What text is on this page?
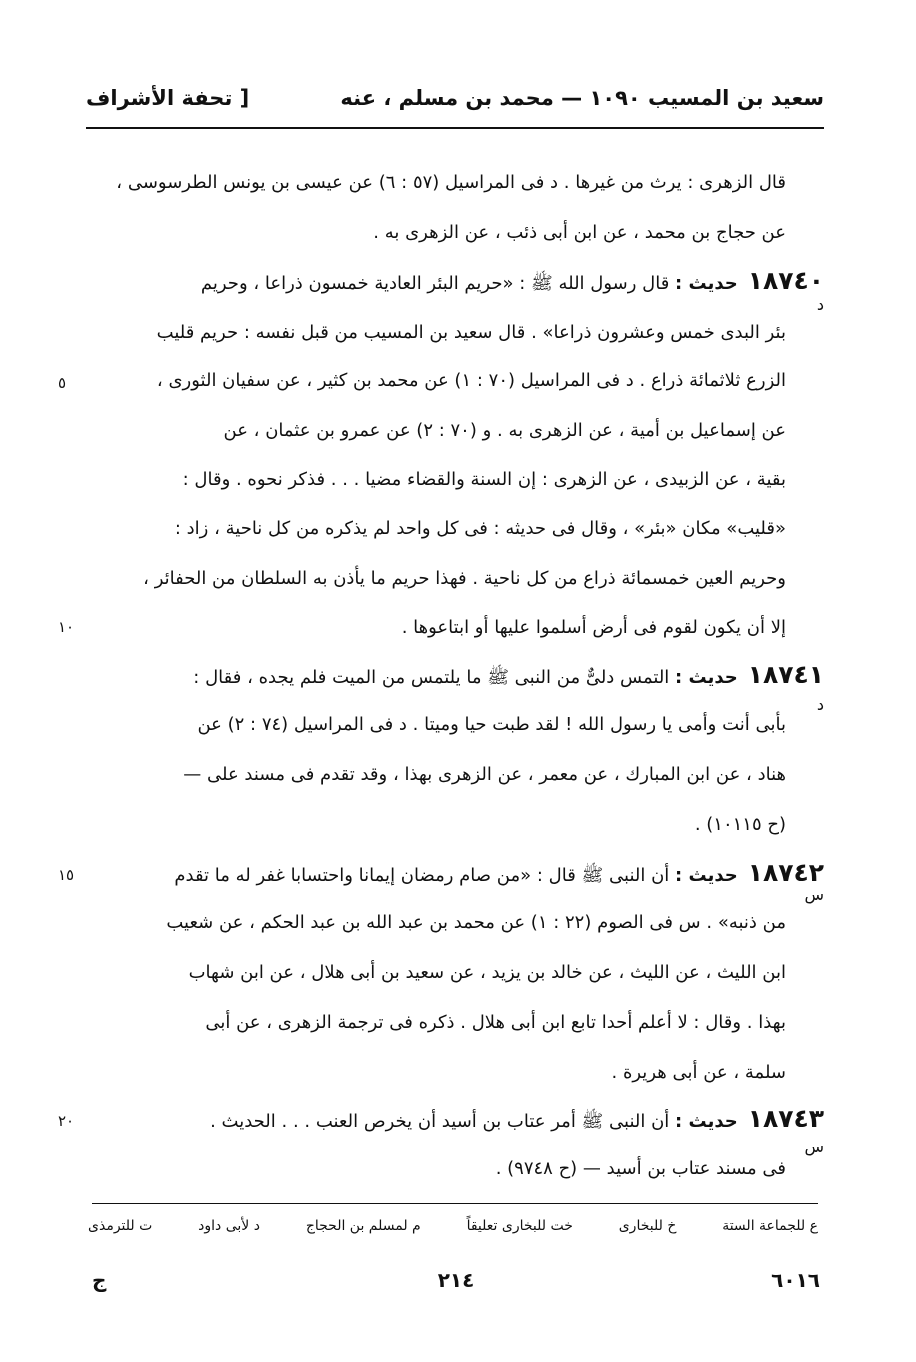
سعيد بن المسيب ١٠٩٠ — محمد بن مسلم ، عنه
[ تحفة الأشراف
قال الزهرى : يرث من غيرها . د فى المراسيل (٥٧ : ٦) عن عيسى بن يونس الطرسوسى ،
عن حجاج بن محمد ، عن ابن أبى ذئب ، عن الزهرى به .
١٨٧٤٠حديث : قال رسول الله ﷺ : «حريم البئر العادية خمسون ذراعا ، وحريم
بئر البدى خمس وعشرون ذراعا» . قال سعيد بن المسيب من قبل نفسه : حريم قليب
الزرع ثلاثمائة ذراع . د فى المراسيل (٧٠ : ١) عن محمد بن كثير ، عن سفيان الثورى ،
عن إسماعيل بن أمية ، عن الزهرى به . و (٧٠ : ٢) عن عمرو بن عثمان ، عن
بقية ، عن الزبيدى ، عن الزهرى : إن السنة والقضاء مضيا . . . فذكر نحوه . وقال :
«قليب» مكان «بئر» ، وقال فى حديثه : فى كل واحد لم يذكره من كل ناحية ، زاد :
وحريم العين خمسمائة ذراع من كل ناحية . فهذا حريم ما يأذن به السلطان من الحفائر ،
إلا أن يكون لقوم فى أرض أسلموا عليها أو ابتاعوها .
١٨٧٤١حديث : التمس دلىٌّ من النبى ﷺ ما يلتمس من الميت فلم يجده ، فقال :
بأبى أنت وأمى يا رسول الله ! لقد طبت حيا وميتا . د فى المراسيل (٧٤ : ٢) عن
هناد ، عن ابن المبارك ، عن معمر ، عن الزهرى بهذا ، وقد تقدم فى مسند على —
(ح ١٠١١٥) .
١٨٧٤٢حديث : أن النبى ﷺ قال : «من صام رمضان إيمانا واحتسابا غفر له ما تقدم
من ذنبه» . س فى الصوم (٢٢ : ١) عن محمد بن عبد الله بن عبد الحكم ، عن شعيب
ابن الليث ، عن الليث ، عن خالد بن يزيد ، عن سعيد بن أبى هلال ، عن ابن شهاب
بهذا . وقال : لا أعلم أحدا تابع ابن أبى هلال . ذكره فى ترجمة الزهرى ، عن أبى
سلمة ، عن أبى هريرة .
١٨٧٤٣حديث : أن النبى ﷺ أمر عتاب بن أسيد أن يخرص العنب . . . الحديث .
فى مسند عتاب بن أسيد — (ح ٩٧٤٨) .
د
د
س
س
٥
١٠
١٥
٢٠
ع للجماعة الستة
خ للبخارى
خت للبخارى تعليقاً
م لمسلم بن الحجاج
د لأبى داود
ت للترمذى
٦٠١٦
٢١٤
ج
